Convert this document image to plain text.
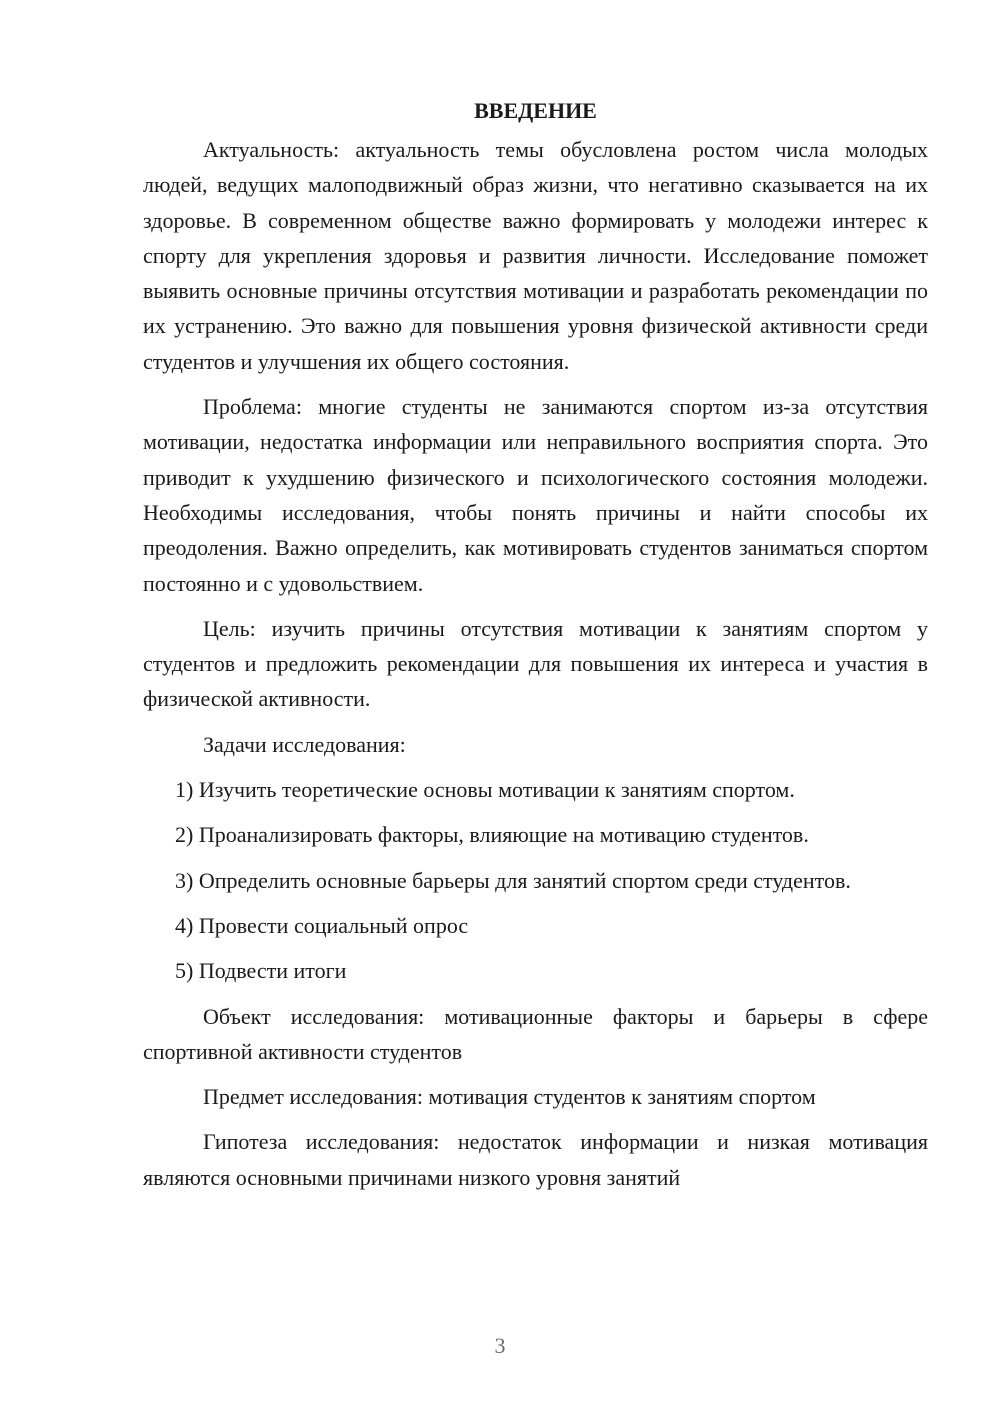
ВВЕДЕНИЕ

Актуальность: актуальность темы обусловлена ростом числа молодых людей, ведущих малоподвижный образ жизни, что негативно сказывается на их здоровье. В современном обществе важно формировать у молодежи интерес к спорту для укрепления здоровья и развития личности. Исследование поможет выявить основные причины отсутствия мотивации и разработать рекомендации по их устранению. Это важно для повышения уровня физической активности среди студентов и улучшения их общего состояния.

Проблема: многие студенты не занимаются спортом из-за отсутствия мотивации, недостатка информации или неправильного восприятия спорта. Это приводит к ухудшению физического и психологического состояния молодежи. Необходимы исследования, чтобы понять причины и найти способы их преодоления. Важно определить, как мотивировать студентов заниматься спортом постоянно и с удовольствием.

Цель: изучить причины отсутствия мотивации к занятиям спортом у студентов и предложить рекомендации для повышения их интереса и участия в физической активности.

Задачи исследования:

1) Изучить теоретические основы мотивации к занятиям спортом.

2) Проанализировать факторы, влияющие на мотивацию студентов.

3) Определить основные барьеры для занятий спортом среди студентов.

4) Провести социальный опрос

5) Подвести итоги

Объект исследования: мотивационные факторы и барьеры в сфере спортивной активности студентов

Предмет исследования: мотивация студентов к занятиям спортом

Гипотеза исследования: недостаток информации и низкая мотивация являются основными причинами низкого уровня занятий

3
